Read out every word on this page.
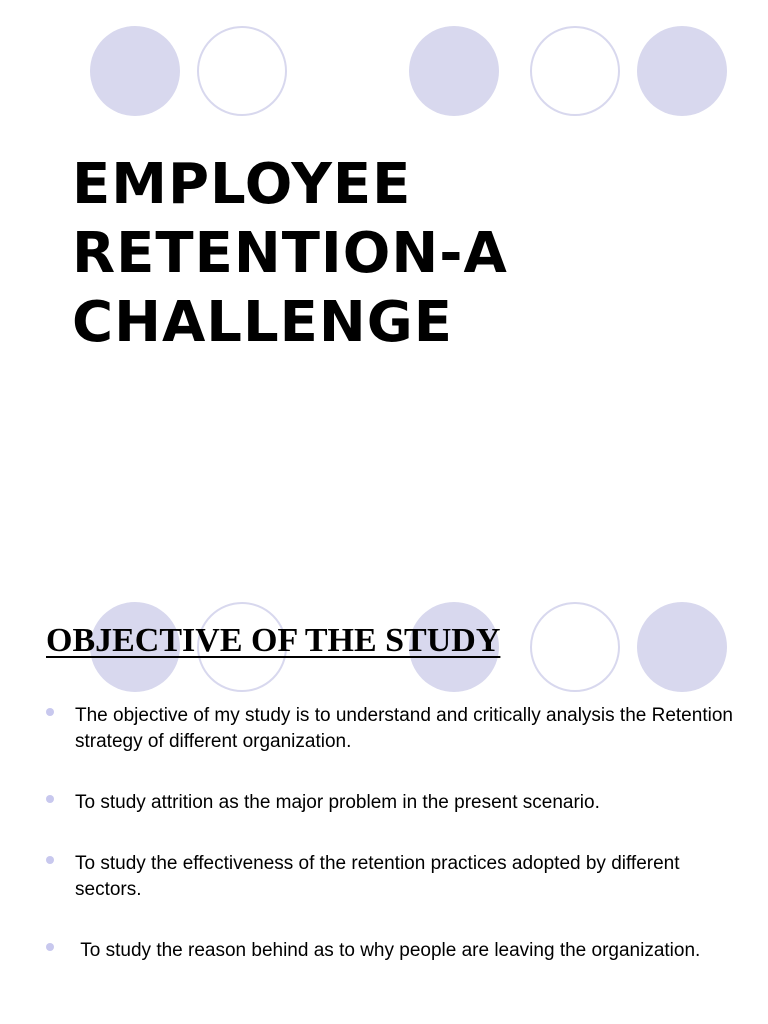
EMPLOYEE
RETENTION-A
CHALLENGE
OBJECTIVE OF THE STUDY
The objective of my study is to understand and critically analysis the Retention strategy of different organization.
To study attrition as the major problem in the present scenario.
To study the effectiveness of the retention practices adopted by different sectors.
To study the reason behind as to why people are leaving the organization.
